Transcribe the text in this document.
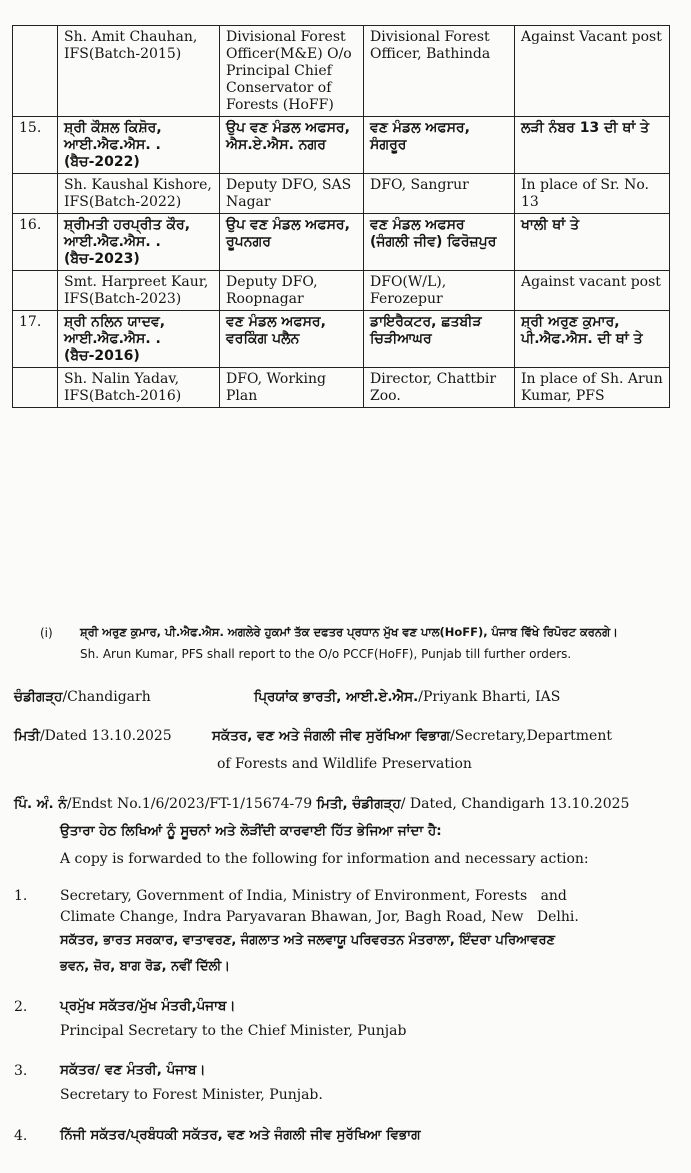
	Sh. Amit Chauhan, IFS(Batch-2015)	Divisional Forest Officer(M&E) O/o Principal Chief Conservator of Forests (HoFF)	Divisional Forest Officer, Bathinda	Against Vacant post
15.	ਸ਼੍ਰੀ ਕੌਸ਼ਲ ਕਿਸ਼ੋਰ, ਆਈ.ਐਫ.ਐਸ. .(ਬੈਚ-2022)	ਉਪ ਵਣ ਮੰਡਲ ਅਫਸਰ, ਐਸ.ਏ.ਐਸ. ਨਗਰ	ਵਣ ਮੰਡਲ ਅਫਸਰ, ਸੰਗਰੂਰ	ਲੜੀ ਨੰਬਰ 13 ਦੀ ਥਾਂ ਤੇ
	Sh. Kaushal Kishore, IFS(Batch-2022)	Deputy DFO, SAS Nagar	DFO, Sangrur	In place of Sr. No. 13
16.	ਸ਼੍ਰੀਮਤੀ ਹਰਪ੍ਰੀਤ ਕੌਰ, ਆਈ.ਐਫ.ਐਸ. .(ਬੈਚ-2023)	ਉਪ ਵਣ ਮੰਡਲ ਅਫਸਰ, ਰੂਪਨਗਰ	ਵਣ ਮੰਡਲ ਅਫਸਰ (ਜੰਗਲੀ ਜੀਵ) ਫਿਰੋਜ਼ਪੁਰ	ਖਾਲੀ ਥਾਂ ਤੇ
	Smt. Harpreet Kaur, IFS(Batch-2023)	Deputy DFO, Roopnagar	DFO(W/L), Ferozepur	Against vacant post
17.	ਸ਼੍ਰੀ ਨਲਿਨ ਯਾਦਵ, ਆਈ.ਐਫ.ਐਸ. .(ਬੈਚ-2016)	ਵਣ ਮੰਡਲ ਅਫਸਰ, ਵਰਕਿੰਗ ਪਲੈਨ	ਡਾਇਰੈਕਟਰ, ਛਤਬੀੜ ਚਿੜੀਆਘਰ	ਸ਼੍ਰੀ ਅਰੁਣ ਕੁਮਾਰ, ਪੀ.ਐਫ.ਐਸ. ਦੀ ਥਾਂ ਤੇ
	Sh. Nalin Yadav, IFS(Batch-2016)	DFO, Working Plan	Director, Chattbir Zoo.	In place of Sh. Arun Kumar, PFS
(i) ਸ਼੍ਰੀ ਅਰੁਣ ਕੁਮਾਰ, ਪੀ.ਐਫ.ਐਸ. ਅਗਲੇਰੇ ਹੁਕਮਾਂ ਤੱਕ ਦਫਤਰ ਪ੍ਰਧਾਨ ਮੁੱਖ ਵਣ ਪਾਲ(HoFF), ਪੰਜਾਬ ਵਿੱਖੇ ਰਿਪੋਰਟ ਕਰਨਗੇ।
Sh. Arun Kumar, PFS shall report to the O/o PCCF(HoFF), Punjab till further orders.
ਚੰਡੀਗੜ੍ਹ/Chandigarh	ਪ੍ਰਿਯਾਂਕ ਭਾਰਤੀ, ਆਈ.ਏ.ਐਸ./Priyank Bharti, IAS
ਮਿਤੀ/Dated 13.10.2025	ਸਕੱਤਰ, ਵਣ ਅਤੇ ਜੰਗਲੀ ਜੀਵ ਸੁਰੱਖਿਆ ਵਿਭਾਗ/Secretary,Department
of Forests and Wildlife Preservation
ਪਿੰ. ਅੰ. ਨੰ/Endst No.1/6/2023/FT-1/15674-79 ਮਿਤੀ, ਚੰਡੀਗੜ੍ਹ/ Dated, Chandigarh 13.10.2025
ਉਤਾਰਾ ਹੇਠ ਲਿਖਿਆਂ ਨੂੰ ਸੂਚਨਾਂ ਅਤੇ ਲੋੜੀਂਦੀ ਕਾਰਵਾਈ ਹਿੱਤ ਭੇਜਿਆ ਜਾਂਦਾ ਹੈ:
A copy is forwarded to the following for information and necessary action:
1. Secretary, Government of India, Ministry of Environment, Forests   and
Climate Change, Indra Paryavaran Bhawan, Jor, Bagh Road, New   Delhi.
ਸਕੱਤਰ, ਭਾਰਤ ਸਰਕਾਰ, ਵਾਤਾਵਰਣ, ਜੰਗਲਾਤ ਅਤੇ ਜਲਵਾਯੂ ਪਰਿਵਰਤਨ ਮੰਤਰਾਲਾ, ਇੰਦਰਾ ਪਰਿਆਵਰਣ
ਭਵਨ, ਜ਼ੋਰ, ਬਾਗ ਰੋਡ, ਨਵੀਂ ਦਿੱਲੀ।
2. ਪ੍ਰਮੁੱਖ ਸਕੱਤਰ/ਮੁੱਖ ਮੰਤਰੀ,ਪੰਜਾਬ।
Principal Secretary to the Chief Minister, Punjab
3. ਸਕੱਤਰ/ ਵਣ ਮੰਤਰੀ, ਪੰਜਾਬ।
Secretary to Forest Minister, Punjab.
4. ਨਿੱਜੀ ਸਕੱਤਰ/ਪ੍ਰਬੰਧਕੀ ਸਕੱਤਰ, ਵਣ ਅਤੇ ਜੰਗਲੀ ਜੀਵ ਸੁਰੱਖਿਆ ਵਿਭਾਗ
